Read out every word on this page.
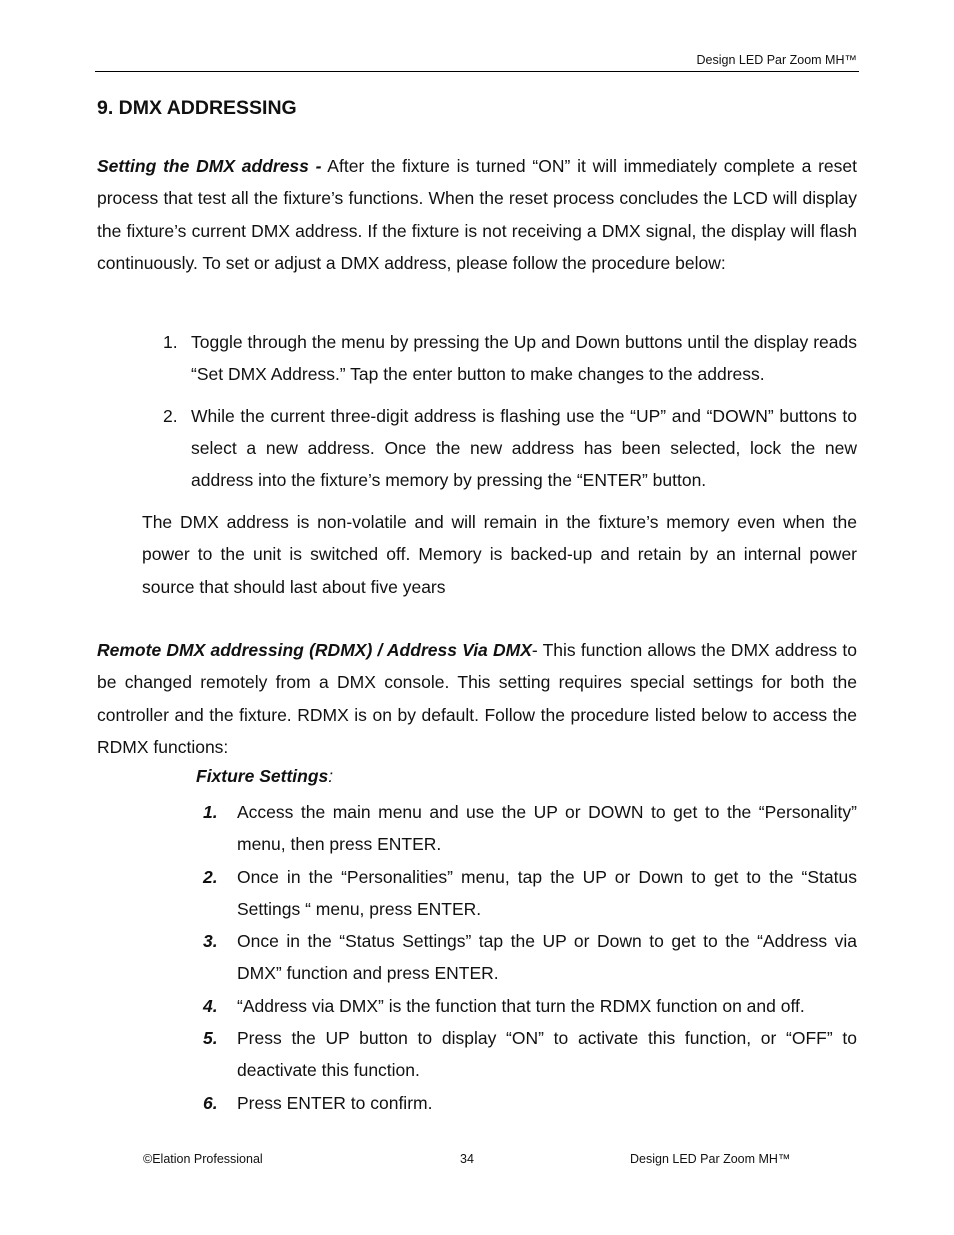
Design LED Par Zoom MH™
9. DMX ADDRESSING
Setting the DMX address - After the fixture is turned “ON” it will immediately complete a reset process that test all the fixture’s functions. When the reset process concludes the LCD will display the fixture’s current DMX address. If the fixture is not receiving a DMX signal, the display will flash continuously. To set or adjust a DMX address, please follow the procedure below:
1. Toggle through the menu by pressing the Up and Down buttons until the display reads “Set DMX Address.” Tap the enter button to make changes to the address.
2. While the current three-digit address is flashing use the “UP” and “DOWN” buttons to select a new address. Once the new address has been selected, lock the new address into the fixture’s memory by pressing the “ENTER” button.
The DMX address is non-volatile and will remain in the fixture’s memory even when the power to the unit is switched off. Memory is backed-up and retain by an internal power source that should last about five years
Remote DMX addressing (RDMX) / Address Via DMX- This function allows the DMX address to be changed remotely from a DMX console. This setting requires special settings for both the controller and the fixture. RDMX is on by default. Follow the procedure listed below to access the RDMX functions:
Fixture Settings:
1.	Access the main menu and use the UP or DOWN to get to the “Personality” menu, then press ENTER.
2.	Once in the “Personalities” menu, tap the UP or Down to get to the “Status Settings “ menu, press ENTER.
3.	Once in the “Status Settings” tap the UP or Down to get to the “Address via DMX” function and press ENTER.
4.	“Address via DMX” is the function that turn the RDMX function on and off.
5.	Press the UP button to display “ON” to activate this function, or “OFF” to deactivate this function.
6.	Press ENTER to confirm.
©Elation Professional	34	Design LED Par Zoom MH™
